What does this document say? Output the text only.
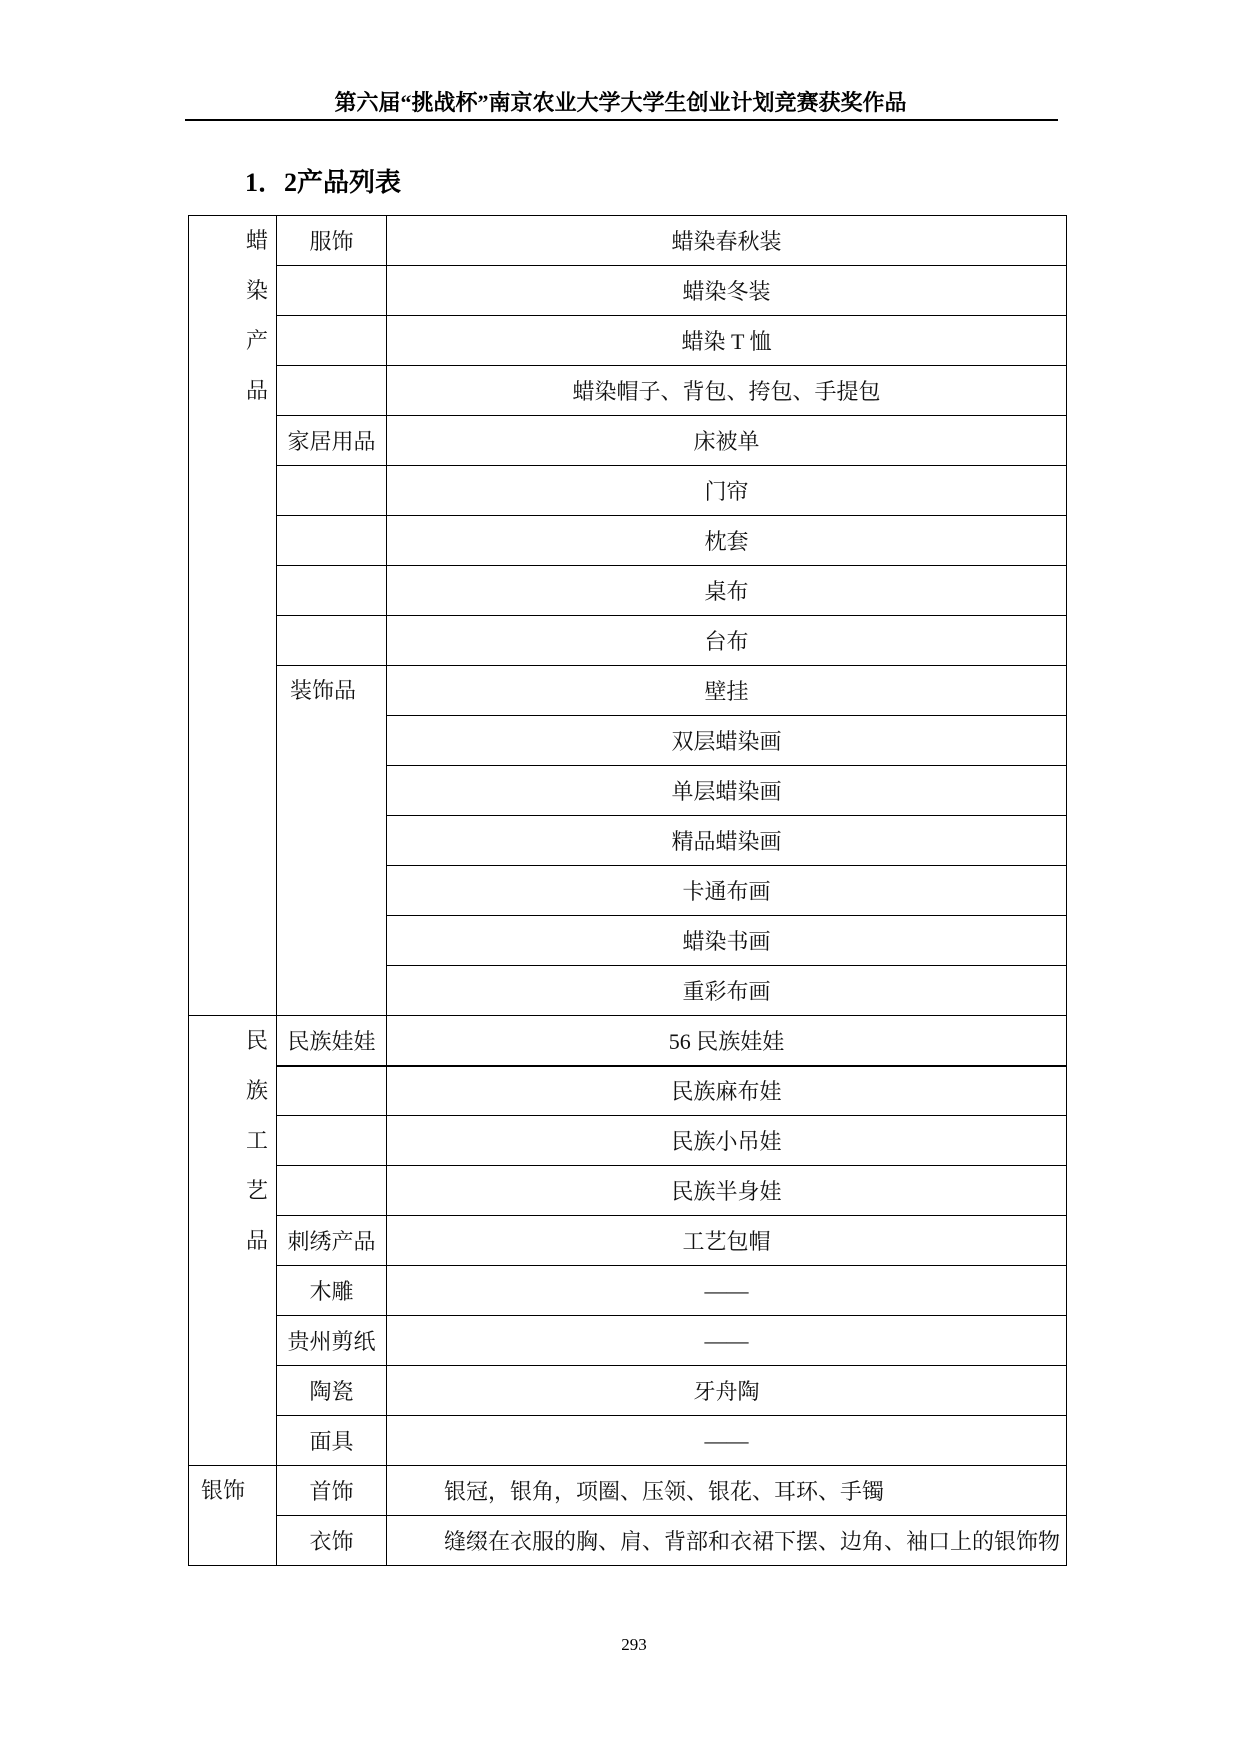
第六届“挑战杯”南京农业大学大学生创业计划竞赛获奖作品
1．2产品列表
蜡染产品	服饰	蜡染春秋装
		蜡染冬装
		蜡染 T 恤
		蜡染帽子、背包、挎包、手提包
	家居用品	床被单
		门帘
		枕套
		桌布
		台布
	装饰品	壁挂
		双层蜡染画
		单层蜡染画
		精品蜡染画
		卡通布画
		蜡染书画
		重彩布画

民族工艺品	民族娃娃	56 民族娃娃
		民族麻布娃
		民族小吊娃
		民族半身娃
	刺绣产品	工艺包帽
	木雕	——
	贵州剪纸	——
	陶瓷	牙舟陶
	面具	——

银饰	首饰	银冠，银角，项圈、压领、银花、耳环、手镯
	衣饰	缝缀在衣服的胸、肩、背部和衣裙下摆、边角、袖口上的银饰物
293
